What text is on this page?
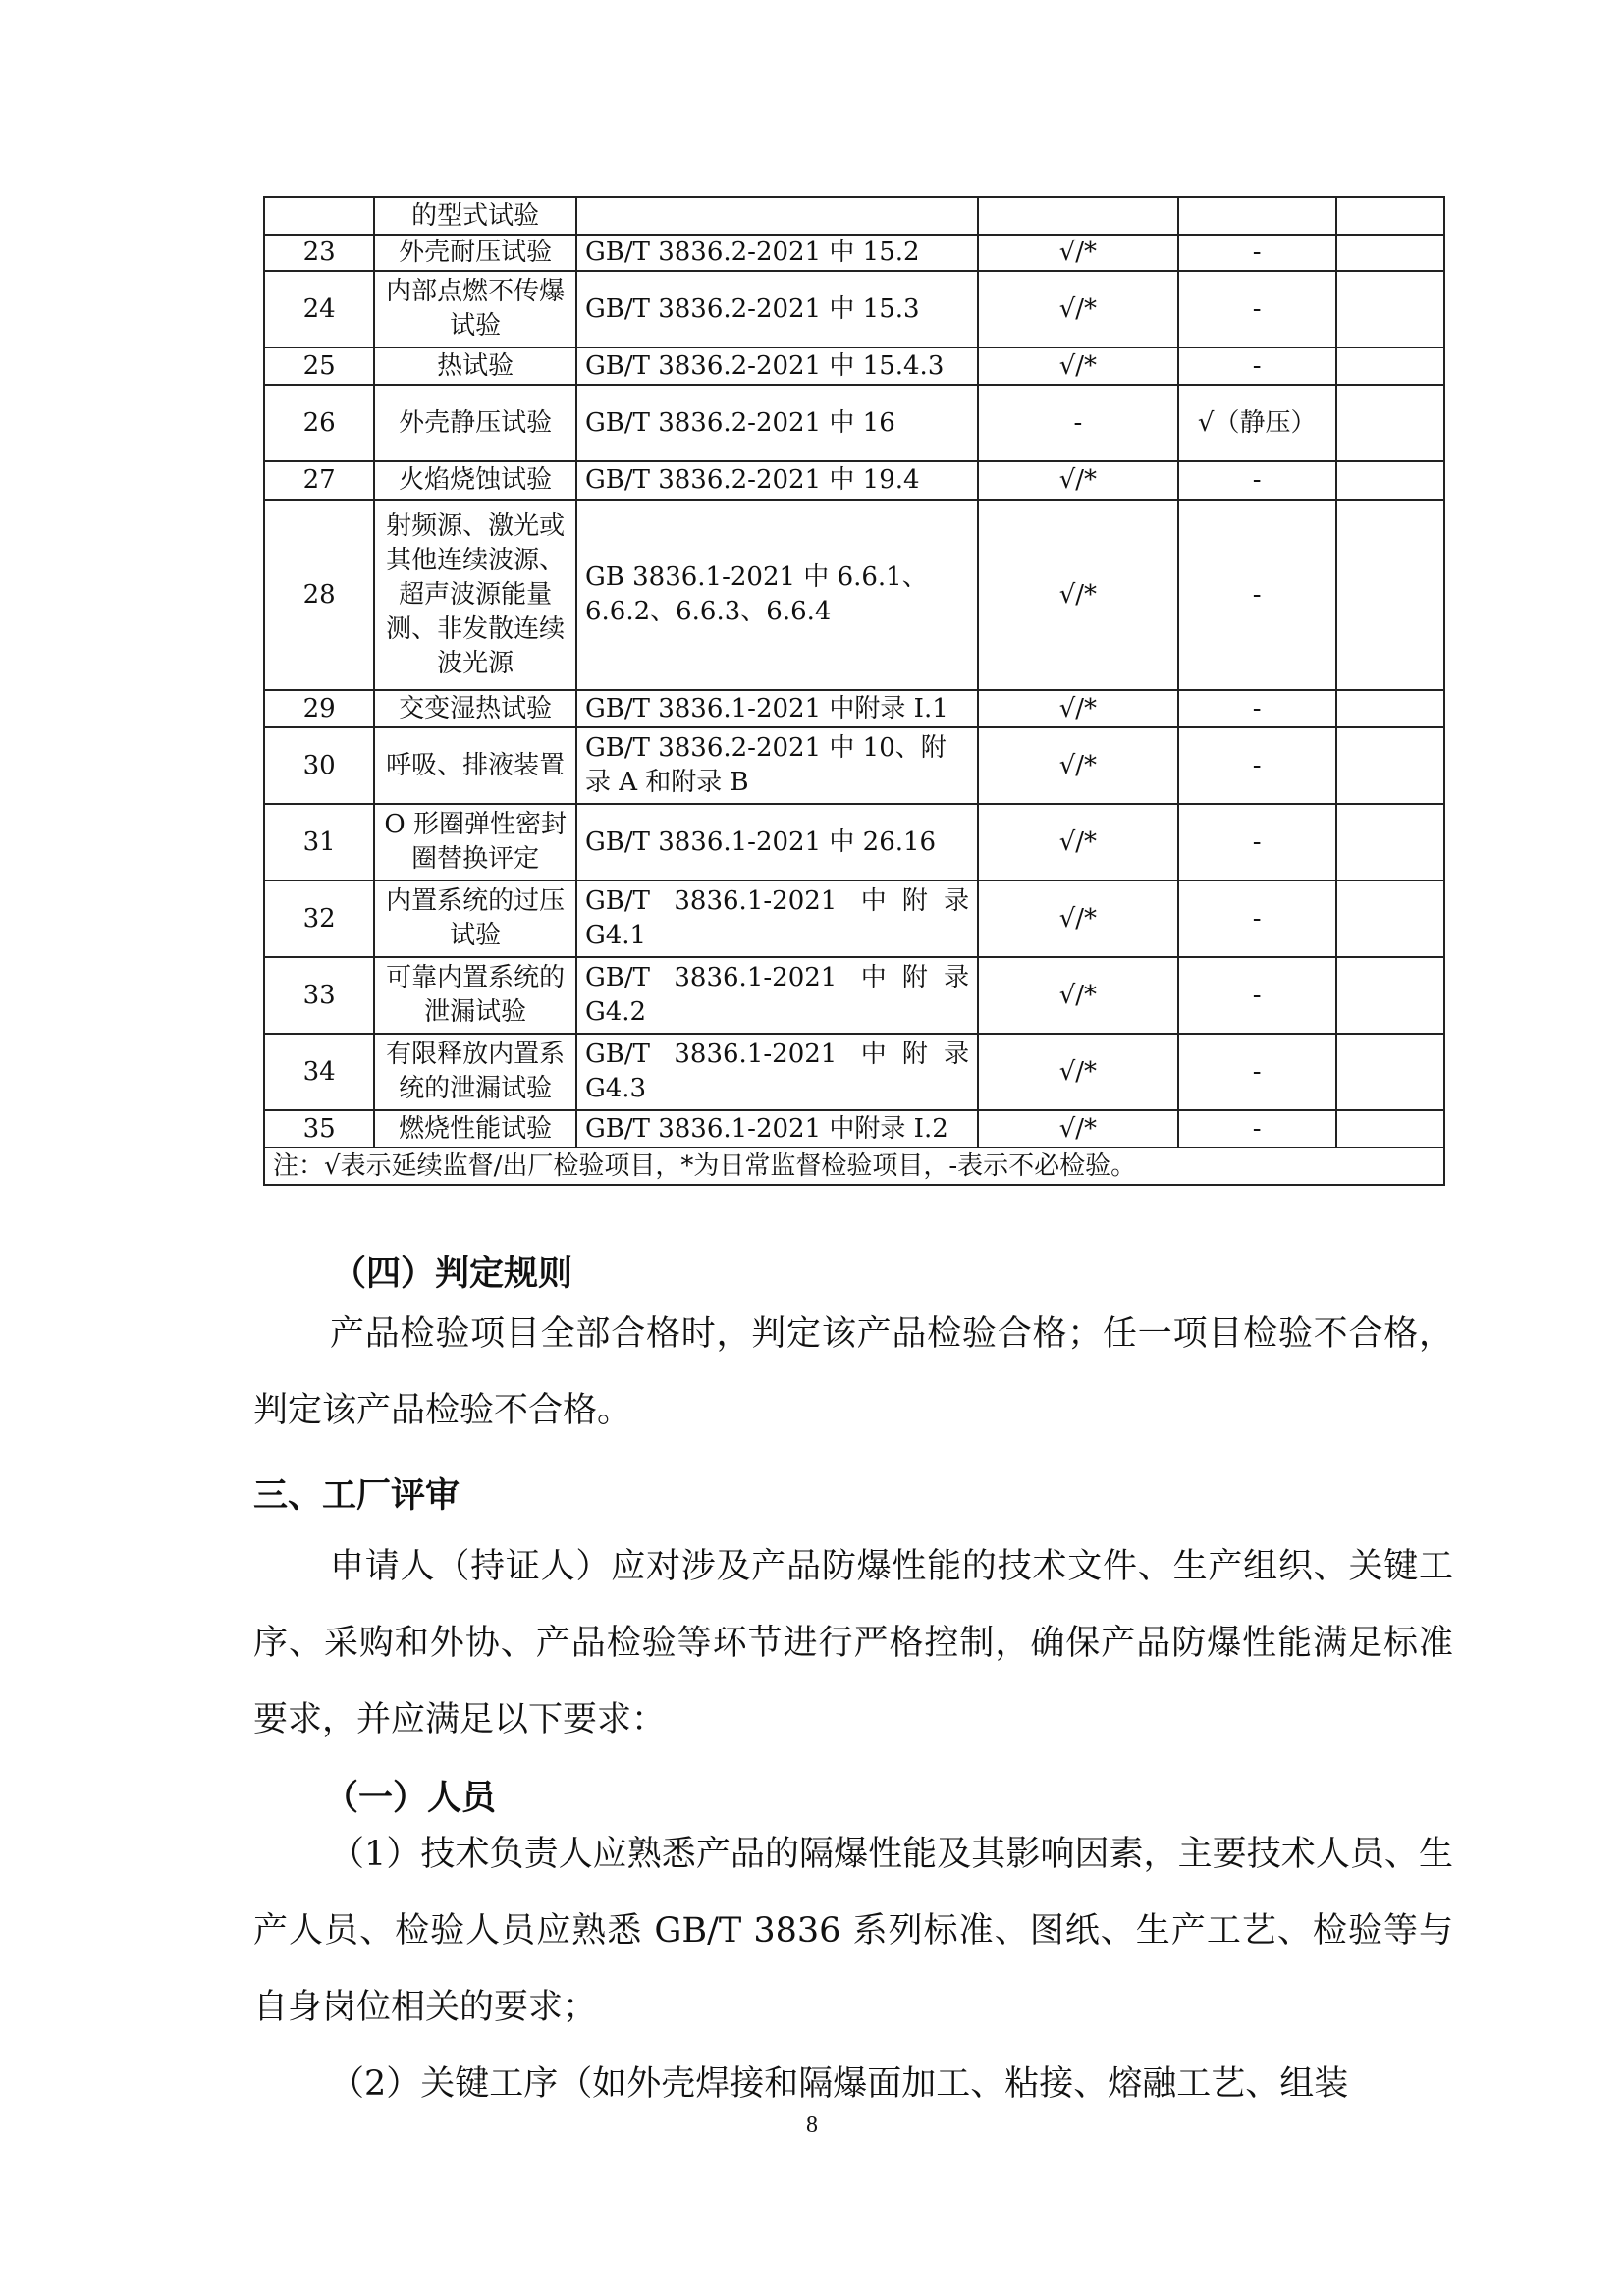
	的型式试验				
23	外壳耐压试验	GB/T 3836.2-2021 中 15.2	√/*	-	
24	内部点燃不传爆试验	GB/T 3836.2-2021 中 15.3	√/*	-	
25	热试验	GB/T 3836.2-2021 中 15.4.3	√/*	-	
26	外壳静压试验	GB/T 3836.2-2021 中 16	-	√（静压）	
27	火焰烧蚀试验	GB/T 3836.2-2021 中 19.4	√/*	-	
28	射频源、激光或其他连续波源、超声波源能量测、非发散连续波光源	GB 3836.1-2021 中 6.6.1、6.6.2、6.6.3、6.6.4	√/*	-	
29	交变湿热试验	GB/T 3836.1-2021 中附录 I.1	√/*	-	
30	呼吸、排液装置	GB/T 3836.2-2021 中 10、附录 A 和附录 B	√/*	-	
31	O 形圈弹性密封圈替换评定	GB/T 3836.1-2021 中 26.16	√/*	-	
32	内置系统的过压试验	GB/T 3836.1-2021 中附录 G4.1	√/*	-	
33	可靠内置系统的泄漏试验	GB/T 3836.1-2021 中附录 G4.2	√/*	-	
34	有限释放内置系统的泄漏试验	GB/T 3836.1-2021 中附录 G4.3	√/*	-	
35	燃烧性能试验	GB/T 3836.1-2021 中附录 I.2	√/*	-	
注：√表示延续监督/出厂检验项目，*为日常监督检验项目，-表示不必检验。					
（四）判定规则
产品检验项目全部合格时，判定该产品检验合格；任一项目检验不合格，判定该产品检验不合格。
三、工厂评审
申请人（持证人）应对涉及产品防爆性能的技术文件、生产组织、关键工序、采购和外协、产品检验等环节进行严格控制，确保产品防爆性能满足标准要求，并应满足以下要求：
（一）人员
（1）技术负责人应熟悉产品的隔爆性能及其影响因素，主要技术人员、生产人员、检验人员应熟悉 GB/T 3836 系列标准、图纸、生产工艺、检验等与自身岗位相关的要求；
（2）关键工序（如外壳焊接和隔爆面加工、粘接、熔融工艺、组装
8
